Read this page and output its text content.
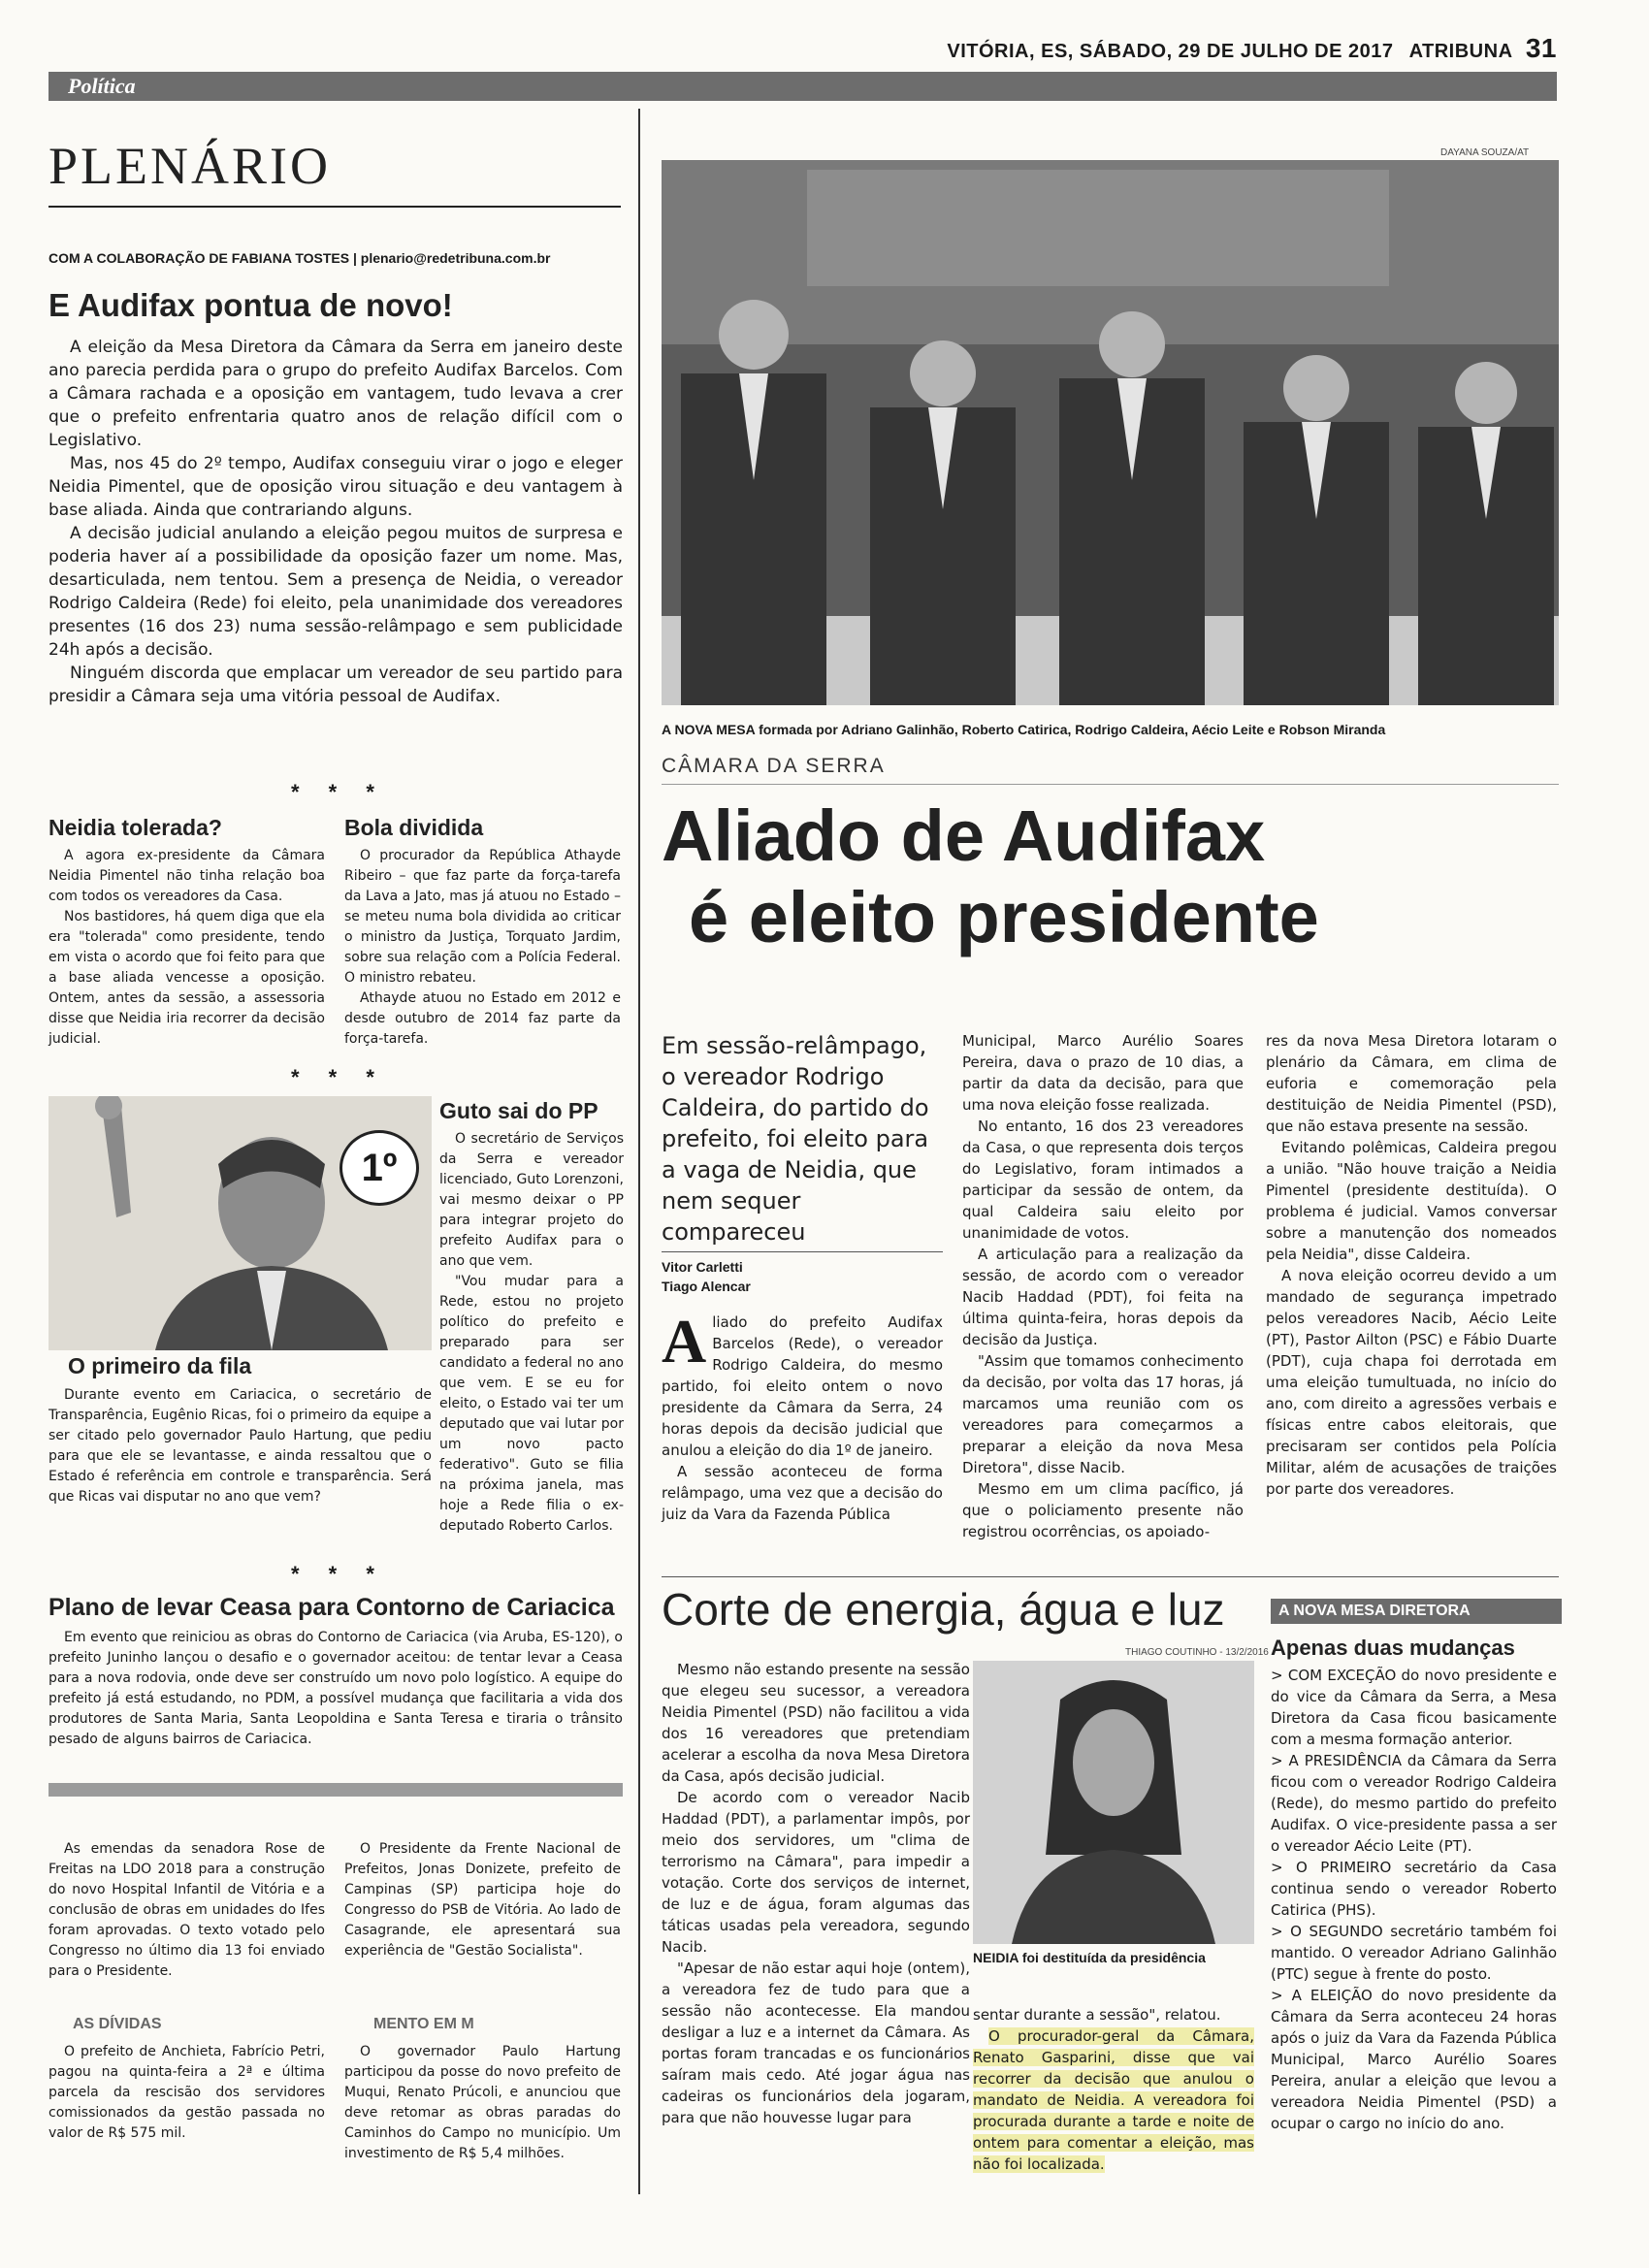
VITÓRIA, ES, SÁBADO, 29 DE JULHO DE 2017 ATRIBUNA 31
Política
PLENÁRIO
COM A COLABORAÇÃO DE FABIANA TOSTES | plenario@redetribuna.com.br
E Audifax pontua de novo!

A eleição da Mesa Diretora da Câmara da Serra em janeiro deste ano parecia perdida para o grupo do prefeito Audifax Barcelos. Com a Câmara rachada e a oposição em vantagem, tudo levava a crer que o prefeito enfrentaria quatro anos de relação difícil com o Legislativo.

Mas, nos 45 do 2º tempo, Audifax conseguiu virar o jogo e eleger Neidia Pimentel, que de oposição virou situação e deu vantagem à base aliada. Ainda que contrariando alguns.

A decisão judicial anulando a eleição pegou muitos de surpresa e poderia haver aí a possibilidade da oposição fazer um nome. Mas, desarticulada, nem tentou. Sem a presença de Neidia, o vereador Rodrigo Caldeira (Rede) foi eleito, pela unanimidade dos vereadores presentes (16 dos 23) numa sessão-relâmpago e sem publicidade 24h após a decisão.

Ninguém discorda que emplacar um vereador de seu partido para presidir a Câmara seja uma vitória pessoal de Audifax.

* * *
Neidia tolerada?

A agora ex-presidente da Câmara Neidia Pimentel não tinha relação boa com todos os vereadores da Casa.

Nos bastidores, há quem diga que ela era "tolerada" como presidente, tendo em vista o acordo que foi feito para que a base aliada vencesse a oposição. Ontem, antes da sessão, a assessoria disse que Neidia iria recorrer da decisão judicial.

Bola dividida

O procurador da República Athayde Ribeiro – que faz parte da força-tarefa da Lava a Jato, mas já atuou no Estado – se meteu numa bola dividida ao criticar o ministro da Justiça, Torquato Jardim, sobre sua relação com a Polícia Federal. O ministro rebateu.

Athayde atuou no Estado em 2012 e desde outubro de 2014 faz parte da força-tarefa.

* * *
1º
O primeiro da fila

Durante evento em Cariacica, o secretário de Transparência, Eugênio Ricas, foi o primeiro da equipe a ser citado pelo governador Paulo Hartung, que pediu para que ele se levantasse, e ainda ressaltou que o Estado é referência em controle e transparência. Será que Ricas vai disputar no ano que vem?

Guto sai do PP

O secretário de Serviços da Serra e vereador licenciado, Guto Lorenzoni, vai mesmo deixar o PP para integrar projeto do prefeito Audifax para o ano que vem.

"Vou mudar para a Rede, estou no projeto político do prefeito e preparado para ser candidato a federal no ano que vem. E se eu for eleito, o Estado vai ter um deputado que vai lutar por um novo pacto federativo". Guto se filia na próxima janela, mas hoje a Rede filia o ex-deputado Roberto Carlos.

* * *
Plano de levar Ceasa para Contorno de Cariacica

Em evento que reiniciou as obras do Contorno de Cariacica (via Aruba, ES-120), o prefeito Juninho lançou o desafio e o governador aceitou: de tentar levar a Ceasa para a nova rodovia, onde deve ser construído um novo polo logístico. A equipe do prefeito já está estudando, no PDM, a possível mudança que facilitaria a vida dos produtores de Santa Maria, Santa Leopoldina e Santa Teresa e tiraria o trânsito pesado de alguns bairros de Cariacica.

As emendas da senadora Rose de Freitas na LDO 2018 para a construção do novo Hospital Infantil de Vitória e a conclusão de obras em unidades do Ifes foram aprovadas. O texto votado pelo Congresso no último dia 13 foi enviado para o Presidente.

O Presidente da Frente Nacional de Prefeitos, Jonas Donizete, prefeito de Campinas (SP) participa hoje do Congresso do PSB de Vitória. Ao lado de Casagrande, ele apresentará sua experiência de "Gestão Socialista".

AS DÍVIDAS

O prefeito de Anchieta, Fabrício Petri, pagou na quinta-feira a 2ª e última parcela da rescisão dos servidores comissionados da gestão passada no valor de R$ 575 mil.

MENTO EM M

O governador Paulo Hartung participou da posse do novo prefeito de Muqui, Renato Prúcoli, e anunciou que deve retomar as obras paradas do Caminhos do Campo no município. Um investimento de R$ 5,4 milhões.

DAYANA SOUZA/AT
A NOVA MESA formada por Adriano Galinhão, Roberto Catirica, Rodrigo Caldeira, Aécio Leite e Robson Miranda
CÂMARA DA SERRA
Aliado de Audifax
é eleito presidente
Em sessão-relâmpago, o vereador Rodrigo Caldeira, do partido do prefeito, foi eleito para a vaga de Neidia, que nem sequer compareceu
Vitor Carletti
Tiago Alencar
A liado do prefeito Audifax Barcelos (Rede), o vereador Rodrigo Caldeira, do mesmo partido, foi eleito ontem o novo presidente da Câmara da Serra, 24 horas depois da decisão judicial que anulou a eleição do dia 1º de janeiro.

A sessão aconteceu de forma relâmpago, uma vez que a decisão do juiz da Vara da Fazenda Pública

Municipal, Marco Aurélio Soares Pereira, dava o prazo de 10 dias, a partir da data da decisão, para que uma nova eleição fosse realizada.

No entanto, 16 dos 23 vereadores da Casa, o que representa dois terços do Legislativo, foram intimados a participar da sessão de ontem, da qual Caldeira saiu eleito por unanimidade de votos.

A articulação para a realização da sessão, de acordo com o vereador Nacib Haddad (PDT), foi feita na última quinta-feira, horas depois da decisão da Justiça.

"Assim que tomamos conhecimento da decisão, por volta das 17 horas, já marcamos uma reunião com os vereadores para começarmos a preparar a eleição da nova Mesa Diretora", disse Nacib.

Mesmo em um clima pacífico, já que o policiamento presente não registrou ocorrências, os apoiado-

res da nova Mesa Diretora lotaram o plenário da Câmara, em clima de euforia e comemoração pela destituição de Neidia Pimentel (PSD), que não estava presente na sessão.

Evitando polêmicas, Caldeira pregou a união. "Não houve traição a Neidia Pimentel (presidente destituída). O problema é judicial. Vamos conversar sobre a manutenção dos nomeados pela Neidia", disse Caldeira.

A nova eleição ocorreu devido a um mandado de segurança impetrado pelos vereadores Nacib, Aécio Leite (PT), Pastor Ailton (PSC) e Fábio Duarte (PDT), cuja chapa foi derrotada em uma eleição tumultuada, no início do ano, com direito a agressões verbais e físicas entre cabos eleitorais, que precisaram ser contidos pela Polícia Militar, além de acusações de traições por parte dos vereadores.

Corte de energia, água e luz

Mesmo não estando presente na sessão que elegeu seu sucessor, a vereadora Neidia Pimentel (PSD) não facilitou a vida dos 16 vereadores que pretendiam acelerar a escolha da nova Mesa Diretora da Casa, após decisão judicial.

De acordo com o vereador Nacib Haddad (PDT), a parlamentar impôs, por meio dos servidores, um "clima de terrorismo na Câmara", para impedir a votação. Corte dos serviços de internet, de luz e de água, foram algumas das táticas usadas pela vereadora, segundo Nacib.

"Apesar de não estar aqui hoje (ontem), a vereadora fez de tudo para que a sessão não acontecesse. Ela mandou desligar a luz e a internet da Câmara. As portas foram trancadas e os funcionários saíram mais cedo. Até jogar água nas cadeiras os funcionários dela jogaram, para que não houvesse lugar para

THIAGO COUTINHO - 13/2/2016
NEIDIA foi destituída da presidência

sentar durante a sessão", relatou.

O procurador-geral da Câmara, Renato Gasparini, disse que vai recorrer da decisão que anulou o mandato de Neidia. A vereadora foi procurada durante a tarde e noite de ontem para comentar a eleição, mas não foi localizada.

A NOVA MESA DIRETORA
Apenas duas mudanças

> COM EXCEÇÃO do novo presidente e do vice da Câmara da Serra, a Mesa Diretora da Casa ficou basicamente com a mesma formação anterior.

> A PRESIDÊNCIA da Câmara da Serra ficou com o vereador Rodrigo Caldeira (Rede), do mesmo partido do prefeito Audifax. O vice-presidente passa a ser o vereador Aécio Leite (PT).

> O PRIMEIRO secretário da Casa continua sendo o vereador Roberto Catirica (PHS).

> O SEGUNDO secretário também foi mantido. O vereador Adriano Galinhão (PTC) segue à frente do posto.

> A ELEIÇÃO do novo presidente da Câmara da Serra aconteceu 24 horas após o juiz da Vara da Fazenda Pública Municipal, Marco Aurélio Soares Pereira, anular a eleição que levou a vereadora Neidia Pimentel (PSD) a ocupar o cargo no início do ano.
